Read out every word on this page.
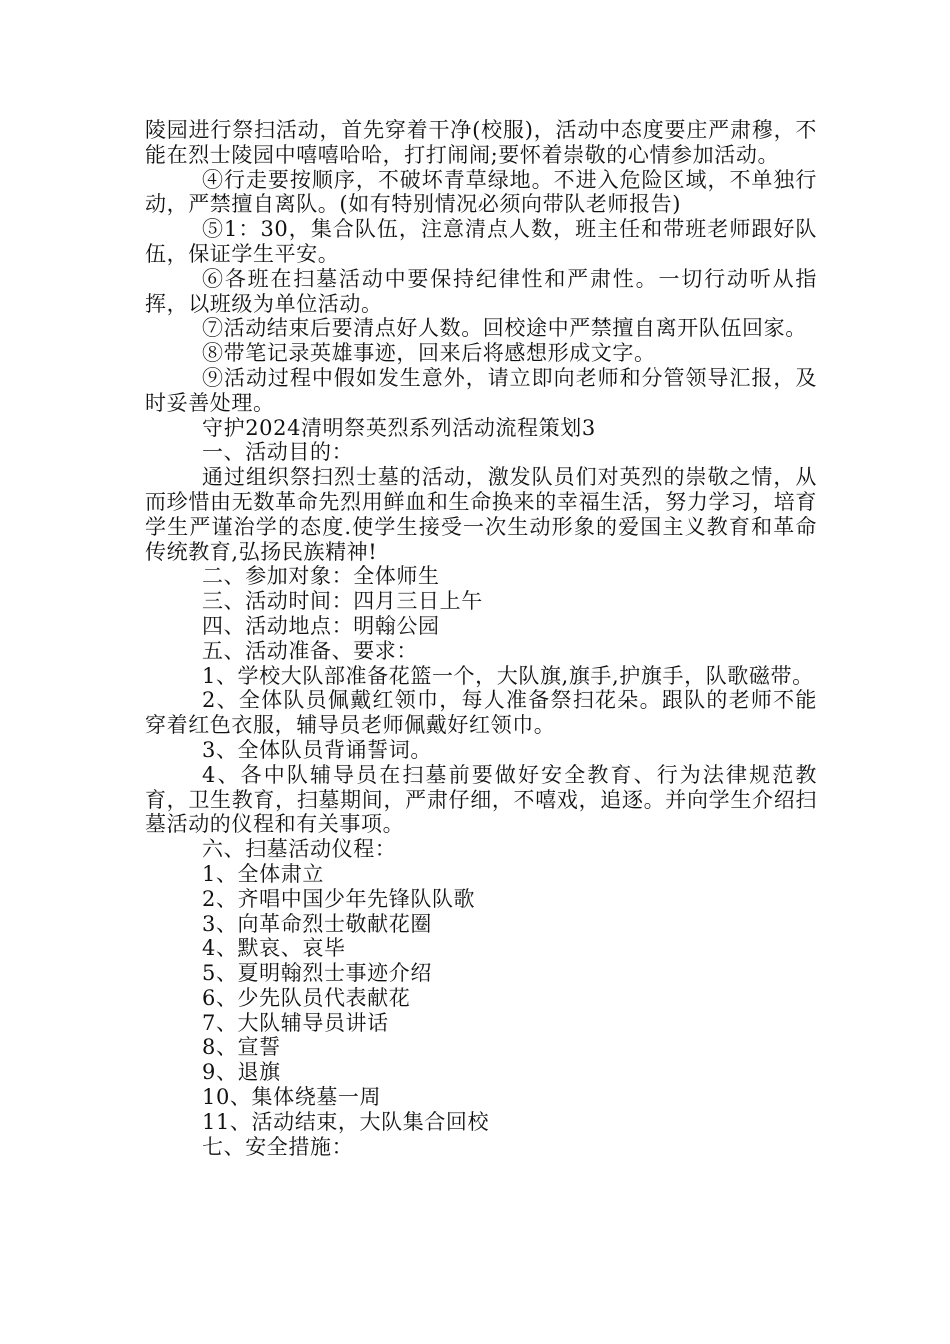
陵园进行祭扫活动，首先穿着干净(校服)，活动中态度要庄严肃穆，不能在烈士陵园中嘻嘻哈哈，打打闹闹;要怀着崇敬的心情参加活动。

④行走要按顺序，不破坏青草绿地。不进入危险区域，不单独行动，严禁擅自离队。(如有特别情况必须向带队老师报告)

⑤1：30，集合队伍，注意清点人数，班主任和带班老师跟好队伍，保证学生平安。

⑥各班在扫墓活动中要保持纪律性和严肃性。一切行动听从指挥，以班级为单位活动。

⑦活动结束后要清点好人数。回校途中严禁擅自离开队伍回家。

⑧带笔记录英雄事迹，回来后将感想形成文字。

⑨活动过程中假如发生意外，请立即向老师和分管领导汇报，及时妥善处理。

守护2024清明祭英烈系列活动流程策划3

一、活动目的：

通过组织祭扫烈士墓的活动，激发队员们对英烈的崇敬之情，从而珍惜由无数革命先烈用鲜血和生命换来的幸福生活，努力学习，培育学生严谨治学的态度.使学生接受一次生动形象的爱国主义教育和革命传统教育,弘扬民族精神!

二、参加对象：全体师生

三、活动时间：四月三日上午

四、活动地点：明翰公园

五、活动准备、要求：

1、学校大队部准备花篮一个，大队旗,旗手,护旗手，队歌磁带。

2、全体队员佩戴红领巾，每人准备祭扫花朵。跟队的老师不能穿着红色衣服，辅导员老师佩戴好红领巾。

3、全体队员背诵誓词。

4、各中队辅导员在扫墓前要做好安全教育、行为法律规范教育，卫生教育，扫墓期间，严肃仔细，不嘻戏，追逐。并向学生介绍扫墓活动的仪程和有关事项。

六、扫墓活动仪程：

1、全体肃立

2、齐唱中国少年先锋队队歌

3、向革命烈士敬献花圈

4、默哀、哀毕

5、夏明翰烈士事迹介绍

6、少先队员代表献花

7、大队辅导员讲话

8、宣誓

9、退旗

10、集体绕墓一周

11、活动结束，大队集合回校

七、安全措施：
